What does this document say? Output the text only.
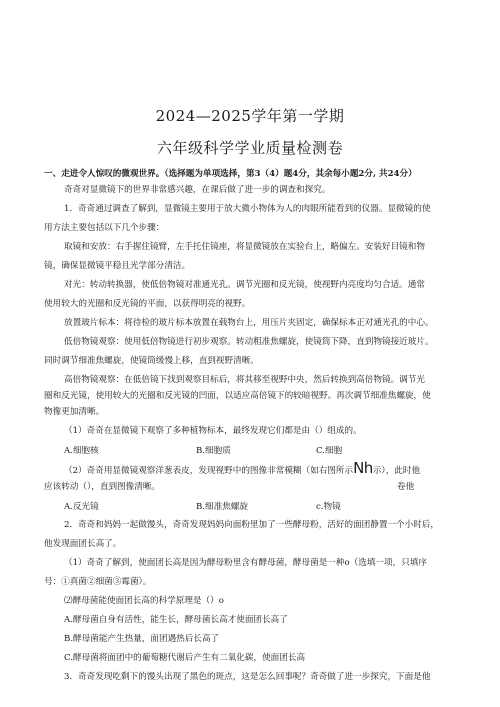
2024—2025学年第一学期
六年级科学学业质量检测卷
一、走进令人惊叹的微观世界。（选择题为单项选择，第3（4）题4分，其余每小题2分, 共24分）
奇奇对显微镜下的世界非常感兴趣，在课后做了进一步的调查和探究。
1．奇奇通过调查了解到，显微镜主要用于放大微小物体为人的肉眼所能看到的仪器。显微镜的使
用方法主要包括以下几个步骤：
取镜和安放：右手握住镜臂，左手托住镜座，将显微镜放在实验台上，略偏左。安装好目镜和物
镜，确保显微镜平稳且光学部分清洁。
对光：转动转换器，使低倍物镜对准通光孔。调节光圈和反光镜，使视野内亮度均匀合适。通常
使用较大的光圈和反光镜的平面，以获得明亮的视野。
放置玻片标本：将待检的玻片标本放置在载物台上，用压片夹固定，确保标本正对通光孔的中心。
低倍物镜观察：使用低倍物镜进行初步观察。转动粗准焦螺旋，使镜筒下降，直到物镜接近玻片。
同时调节细准焦螺旋，使镜筒缓慢上移，直到视野清晰。
高倍物镜观察：在低倍镜下找到观察目标后，将其移至视野中央，然后转换到高倍物镜。调节光
圈和反光镜，使用较大的光圈和反光镜的凹面，以适应高倍镜下的较暗视野。再次调节细准焦螺旋，使
物像更加清晰。
（1）奇奇在显微镜下观察了多种植物标本，最终发现它们都是由（）组成的。
A.细胞核	B.细胞质	C.细胞
（2）奇奇用显微镜观察洋葱表皮，发现视野中的图像非常模糊（如右图所示Nh示），此时他
应该转动（），直到图像清晰。	卷他
A.反光镜	B.细准焦螺旋	c.物镜
2．奇奇和妈妈一起做馒头，奇奇发现妈妈向面粉里加了一些酵母粉，活好的面团静置一个小时后，
他发现面团长高了。
（1）奇奇了解到，使面团长高是因为酵母粉里含有酵母菌，酵母菌是一种o（选填一项，只填序
号：①真菌②细菌③霉菌）。
⑵酵母菌能使面团长高的科学原理是（）o
A.酵母菌自身有活性，能生长，酵母菌长高才使面团长高了
B.酵母菌能产生热量，面团遇热后长高了
C.酵母菌将面团中的葡萄糖代谢后产生有二氧化碳，使面团长高
3．奇奇发现吃剩下的馒头出现了黑色的斑点，这是怎么回事呢？奇奇做了进一步探究，下面是他
